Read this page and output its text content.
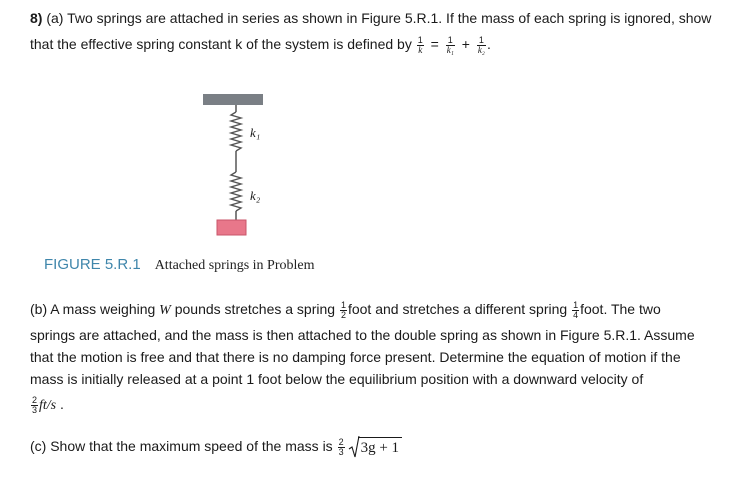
8) (a) Two springs are attached in series as shown in Figure 5.R.1. If the mass of each spring is ignored, show
that the effective spring constant k of the system is defined by $\frac{1}{k} = \frac{1}{\text{k₁}} + \frac{1}{\text{k₂}}$ .
k₁
k₂
FIGURE 5.R.1 Attached springs in Problem
(b) A mass weighing W pounds stretches a spring $\frac{1}{2}$ foot and stretches a different spring $\frac{1}{4}$ foot. The two
springs are attached, and the mass is then attached to the double spring as shown in Figure 5.R.1. Assume
that the motion is free and that there is no damping force present. Determine the equation of motion if the
mass is initially released at a point 1 foot below the equilibrium position with a downward velocity of
$\frac{2}{3} ft/s$ .
(c) Show that the maximum speed of the mass is $\frac{2}{3} 3g + 1$
